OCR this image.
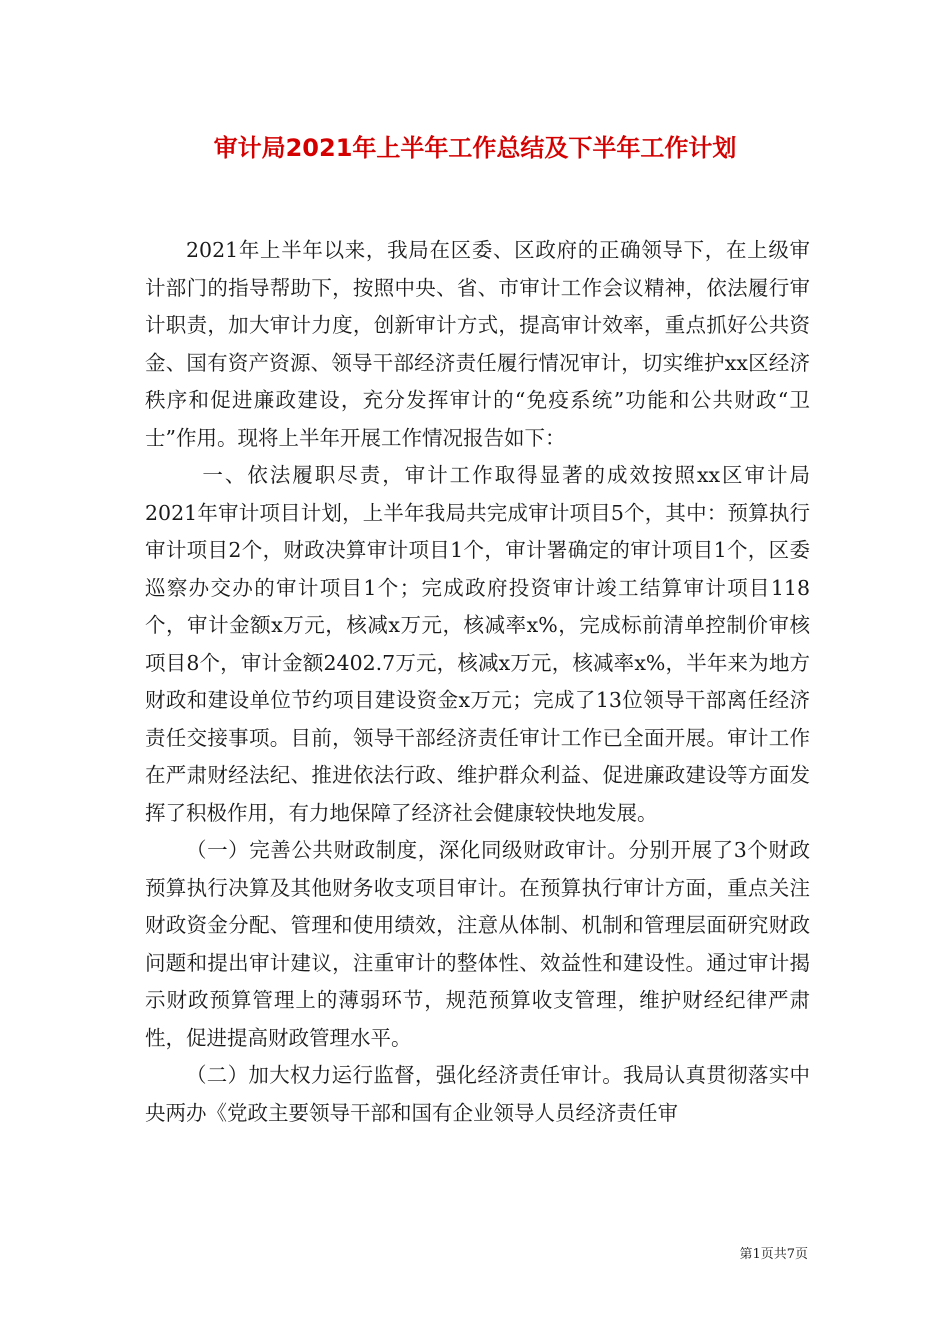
审计局2021年上半年工作总结及下半年工作计划

2021年上半年以来，我局在区委、区政府的正确领导下，在上级审计部门的指导帮助下，按照中央、省、市审计工作会议精神，依法履行审计职责，加大审计力度，创新审计方式，提高审计效率，重点抓好公共资金、国有资产资源、领导干部经济责任履行情况审计，切实维护xx区经济秩序和促进廉政建设，充分发挥审计的“免疫系统”功能和公共财政“卫士”作用。现将上半年开展工作情况报告如下：

一、依法履职尽责，审计工作取得显著的成效按照xx区审计局2021年审计项目计划，上半年我局共完成审计项目5个，其中：预算执行审计项目2个，财政决算审计项目1个，审计署确定的审计项目1个，区委巡察办交办的审计项目1个；完成政府投资审计竣工结算审计项目118个，审计金额x万元，核减x万元，核减率x%，完成标前清单控制价审核项目8个，审计金额2402.7万元，核减x万元，核减率x%，半年来为地方财政和建设单位节约项目建设资金x万元；完成了13位领导干部离任经济责任交接事项。目前，领导干部经济责任审计工作已全面开展。审计工作在严肃财经法纪、推进依法行政、维护群众利益、促进廉政建设等方面发挥了积极作用，有力地保障了经济社会健康较快地发展。

（一）完善公共财政制度，深化同级财政审计。分别开展了3个财政预算执行决算及其他财务收支项目审计。在预算执行审计方面，重点关注财政资金分配、管理和使用绩效，注意从体制、机制和管理层面研究财政问题和提出审计建议，注重审计的整体性、效益性和建设性。通过审计揭示财政预算管理上的薄弱环节，规范预算收支管理，维护财经纪律严肃性，促进提高财政管理水平。

（二）加大权力运行监督，强化经济责任审计。我局认真贯彻落实中央两办《党政主要领导干部和国有企业领导人员经济责任审

第1页共7页
